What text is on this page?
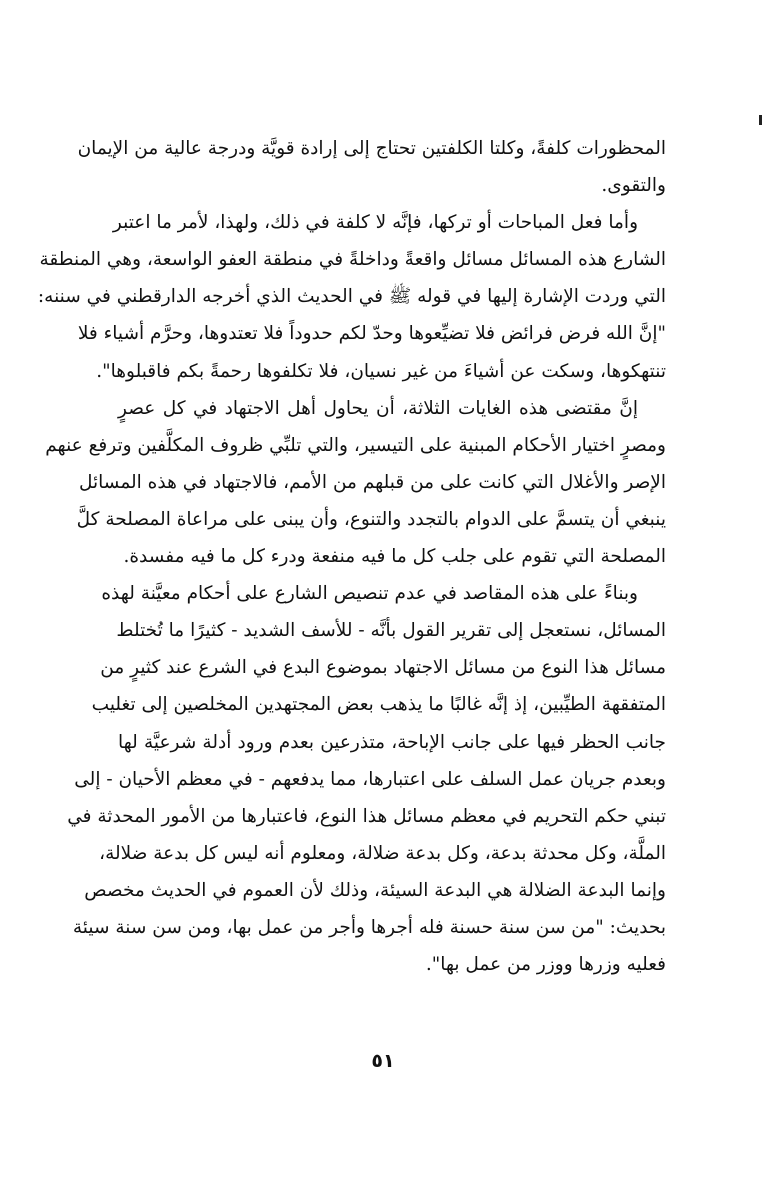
المحظورات كلفةً، وكلتا الكلفتين تحتاج إلى إرادة قويَّة ودرجة عالية من الإيمان
والتقوى.
وأما فعل المباحات أو تركها، فإنَّه لا كلفة في ذلك، ولهذا، لأمر ما اعتبر
الشارع هذه المسائل مسائل واقعةً وداخلةً في منطقة العفو الواسعة، وهي المنطقة
التي وردت الإشارة إليها في قوله ﷺ في الحديث الذي أخرجه الدارقطني في سننه:
"إنَّ الله فرض فرائض فلا تضيِّعوها وحدّ لكم حدوداً فلا تعتدوها، وحرَّم أشياء فلا
تنتهكوها، وسكت عن أشياءَ من غير نسيان، فلا تكلفوها رحمةً بكم فاقبلوها".
إنَّ مقتضى هذه الغايات الثلاثة، أن يحاول أهل الاجتهاد في كل عصرٍ
ومصرٍ اختيار الأحكام المبنية على التيسير، والتي تلبِّي ظروف المكلَّفين وترفع عنهم
الإصر والأغلال التي كانت على من قبلهم من الأمم، فالاجتهاد في هذه المسائل
ينبغي أن يتسمَّ على الدوام بالتجدد والتنوع، وأن يبنى على مراعاة المصلحة كلَّ
المصلحة التي تقوم على جلب كل ما فيه منفعة ودرء كل ما فيه مفسدة.
وبناءً على هذه المقاصد في عدم تنصيص الشارع على أحكام معيَّنة لهذه
المسائل، نستعجل إلى تقرير القول بأنَّه - للأسف الشديد - كثيرًا ما تُختلط
مسائل هذا النوع من مسائل الاجتهاد بموضوع البدع في الشرع عند كثيرٍ من
المتفقهة الطيِّبين، إذ إنَّه غالبًا ما يذهب بعض المجتهدين المخلصين إلى تغليب
جانب الحظر فيها على جانب الإباحة، متذرعين بعدم ورود أدلة شرعيَّة لها
وبعدم جريان عمل السلف على اعتبارها، مما يدفعهم - في معظم الأحيان - إلى
تبني حكم التحريم في معظم مسائل هذا النوع، فاعتبارها من الأمور المحدثة في
الملَّة، وكل محدثة بدعة، وكل بدعة ضلالة، ومعلوم أنه ليس كل بدعة ضلالة،
وإنما البدعة الضلالة هي البدعة السيئة، وذلك لأن العموم في الحديث مخصص
بحديث: "من سن سنة حسنة فله أجرها وأجر من عمل بها، ومن سن سنة سيئة
فعليه وزرها ووزر من عمل بها".
٥١
